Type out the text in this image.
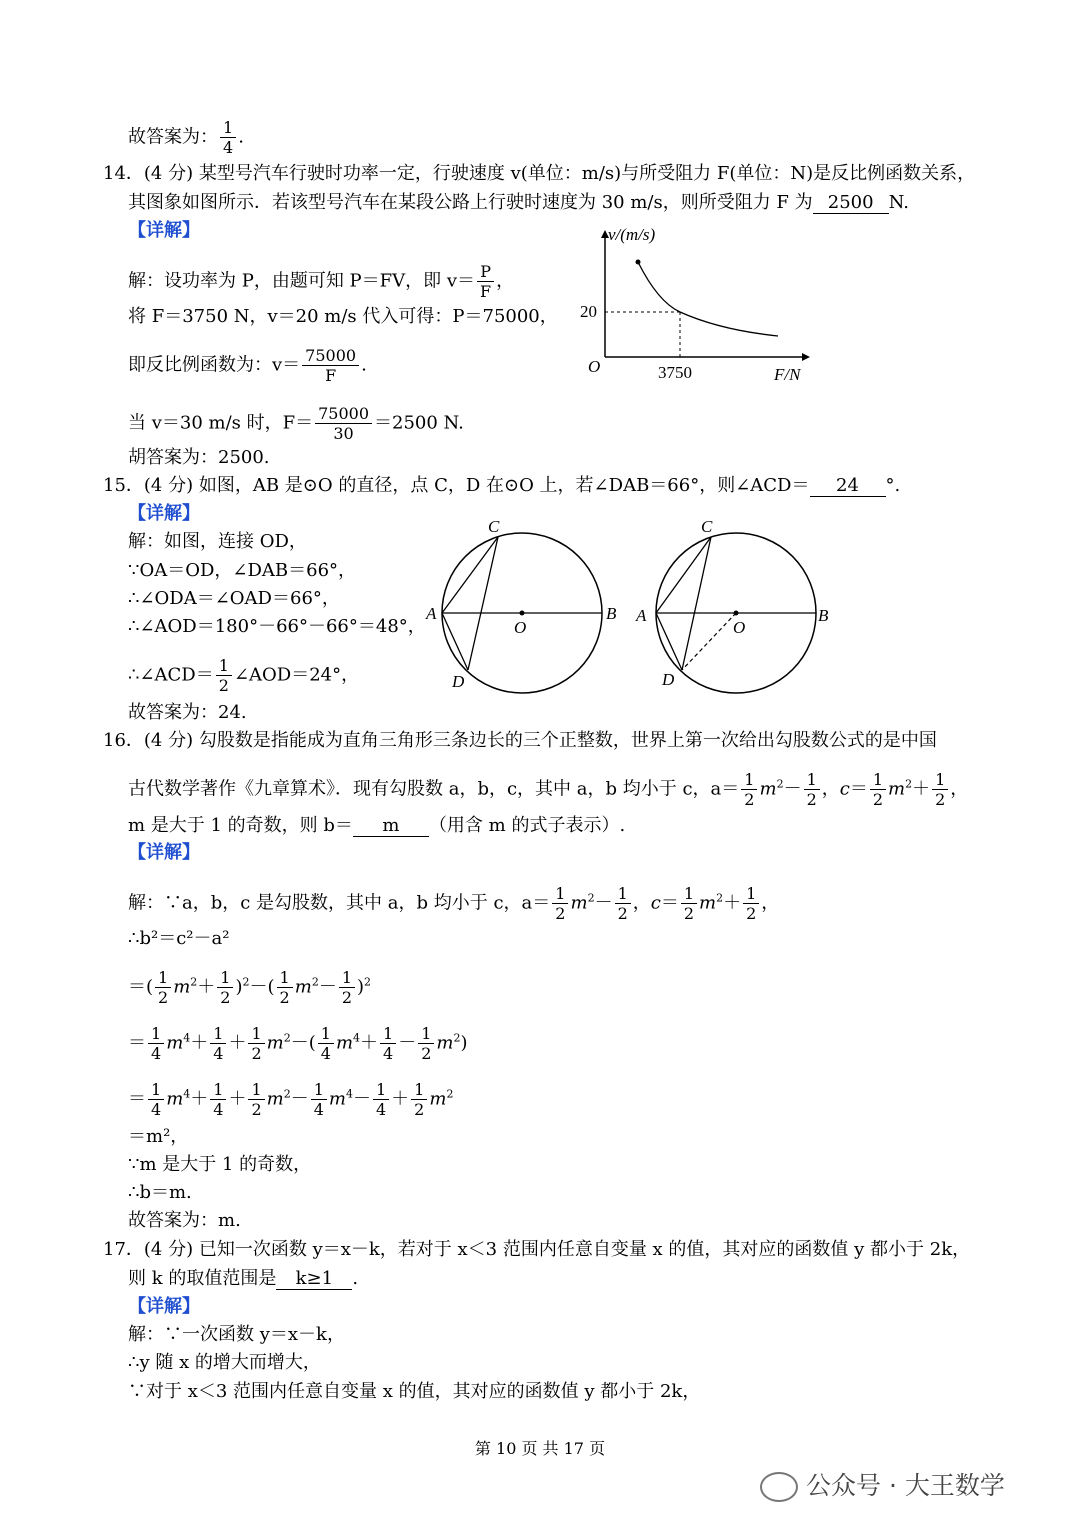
故答案为： $\frac{1}{4}$ .
14．(4 分) 某型号汽车行驶时功率一定，行驶速度 v(单位：m/s)与所受阻力 F(单位：N)是反比例函数关系，
其图象如图所示．若该型号汽车在某段公路上行驶时速度为 30 m/s，则所受阻力 F 为 2500 N.
【详解】
解：设功率为 P，由题可知 P＝FV，即 $v= \frac{P}{F}$ ，
将 F＝3750 N，v＝20 m/s 代入可得：P＝75000，
即反比例函数为：$v= \frac{75000}{F}$ .
当 v＝30 m/s 时，$F= \frac{75000}{30} =2500$ N.
胡答案为：2500.
v/(m/s)
F/N
O
20
3750
15．(4 分) 如图，AB 是⊙O 的直径，点 C，D 在⊙O 上，若∠DAB＝66°，则∠ACD＝ 24 °.
【详解】
解：如图，连接 OD，
∵OA＝OD，∠DAB＝66°，
∴∠ODA＝∠OAD＝66°，
∴∠AOD＝180°－66°－66°＝48°，
∴∠ACD＝ $\frac{1}{2}$ ∠AOD＝24°，
故答案为：24.
C
A	B
O
D
C
A	B
O
D
16．(4 分) 勾股数是指能成为直角三角形三条边长的三个正整数，世界上第一次给出勾股数公式的是中国
古代数学著作《九章算术》．现有勾股数 a，b，c，其中 a，b 均小于 c，$a= \frac{1}{2} m^2- \frac{1}{2}$ ，$c= \frac{1}{2} m^2+ \frac{1}{2}$ ，
m 是大于 1 的奇数，则 b＝ m （用含 m 的式子表示）.
【详解】
解：∵a，b，c 是勾股数，其中 a，b 均小于 c，$a= \frac{1}{2} m^2- \frac{1}{2}$ ，$c= \frac{1}{2} m^2+ \frac{1}{2}$ ，
∴b²＝c²－a²
＝( $\frac{1}{2} m^2+ \frac{1}{2} )^2-( \frac{1}{2} m^2- \frac{1}{2} )^2$
＝ $\frac{1}{4} m^4+ \frac{1}{4} + \frac{1}{2} m^2-( \frac{1}{4} m^4+ \frac{1}{4} - \frac{1}{2} m^2)$
＝ $\frac{1}{4} m^4+ \frac{1}{4} + \frac{1}{2} m^2- \frac{1}{4} m^4- \frac{1}{4} + \frac{1}{2} m^2$
＝m²，
∵m 是大于 1 的奇数，
∴b＝m.
故答案为：m.
17．(4 分) 已知一次函数 y＝x－k，若对于 x＜3 范围内任意自变量 x 的值，其对应的函数值 y 都小于 2k，
则 k 的取值范围是 k≥1 .
【详解】
解：∵一次函数 y＝x－k，
∴y 随 x 的增大而增大，
∵对于 x＜3 范围内任意自变量 x 的值，其对应的函数值 y 都小于 2k，
第 10 页 共 17 页
公众号 · 大王数学
